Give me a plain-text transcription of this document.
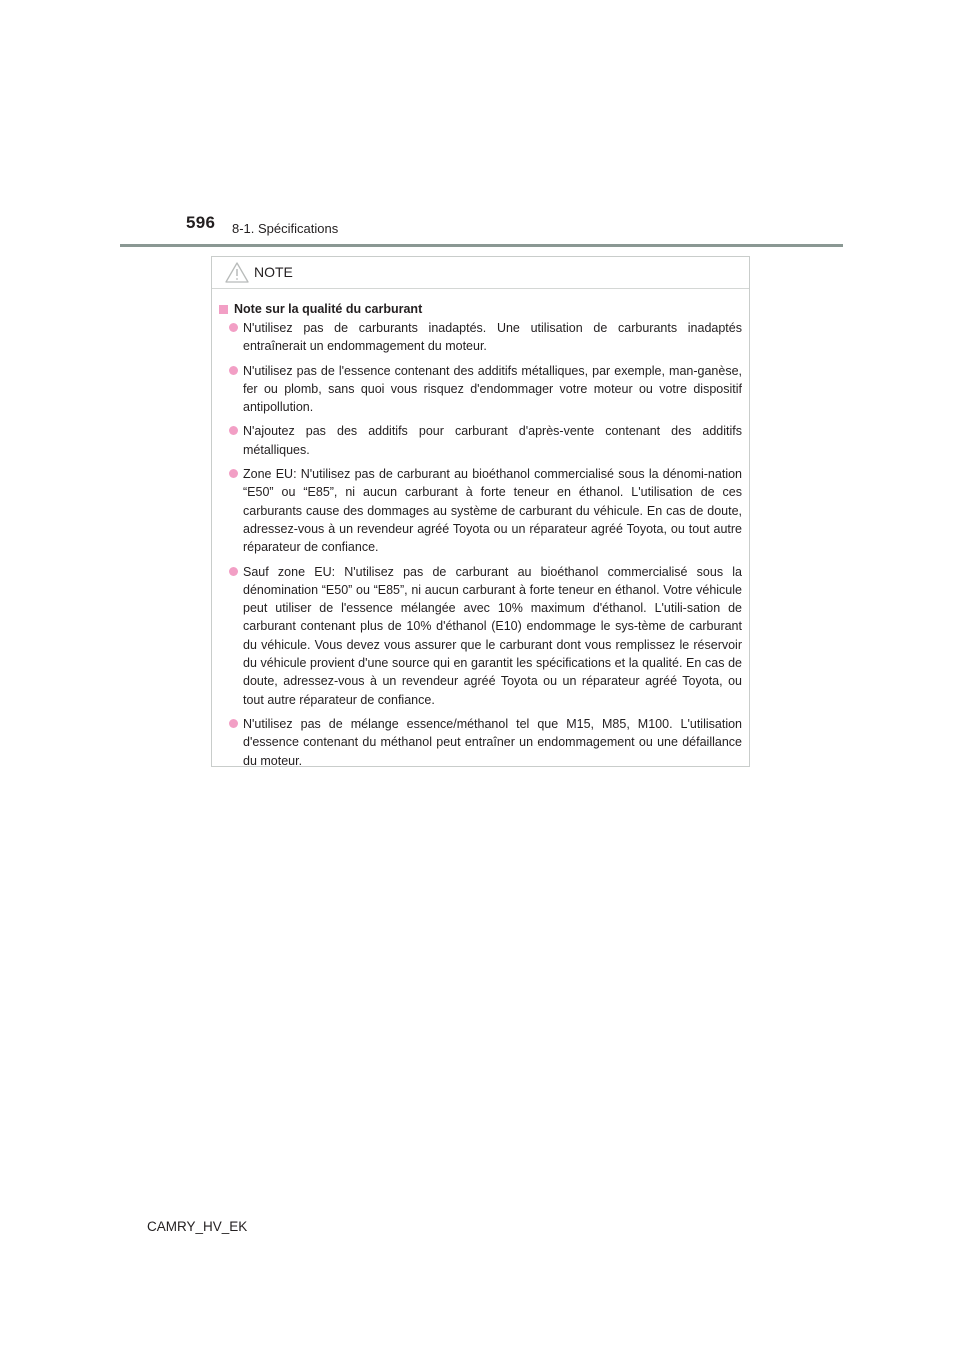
596 8-1. Spécifications
NOTE
Note sur la qualité du carburant
N'utilisez pas de carburants inadaptés. Une utilisation de carburants inadaptés entraînerait un endommagement du moteur.
N'utilisez pas de l'essence contenant des additifs métalliques, par exemple, man-ganèse, fer ou plomb, sans quoi vous risquez d'endommager votre moteur ou votre dispositif antipollution.
N'ajoutez pas des additifs pour carburant d'après-vente contenant des additifs métalliques.
Zone EU: N'utilisez pas de carburant au bioéthanol commercialisé sous la dénomi-nation “E50” ou “E85”, ni aucun carburant à forte teneur en éthanol. L'utilisation de ces carburants cause des dommages au système de carburant du véhicule. En cas de doute, adressez-vous à un revendeur agréé Toyota ou un réparateur agréé Toyota, ou tout autre réparateur de confiance.
Sauf zone EU: N'utilisez pas de carburant au bioéthanol commercialisé sous la dénomination “E50” ou “E85”, ni aucun carburant à forte teneur en éthanol. Votre véhicule peut utiliser de l'essence mélangée avec 10% maximum d'éthanol. L'utili-sation de carburant contenant plus de 10% d'éthanol (E10) endommage le sys-tème de carburant du véhicule. Vous devez vous assurer que le carburant dont vous remplissez le réservoir du véhicule provient d'une source qui en garantit les spécifications et la qualité. En cas de doute, adressez-vous à un revendeur agréé Toyota ou un réparateur agréé Toyota, ou tout autre réparateur de confiance.
N'utilisez pas de mélange essence/méthanol tel que M15, M85, M100. L'utilisation d'essence contenant du méthanol peut entraîner un endommagement ou une défaillance du moteur.
CAMRY_HV_EK
